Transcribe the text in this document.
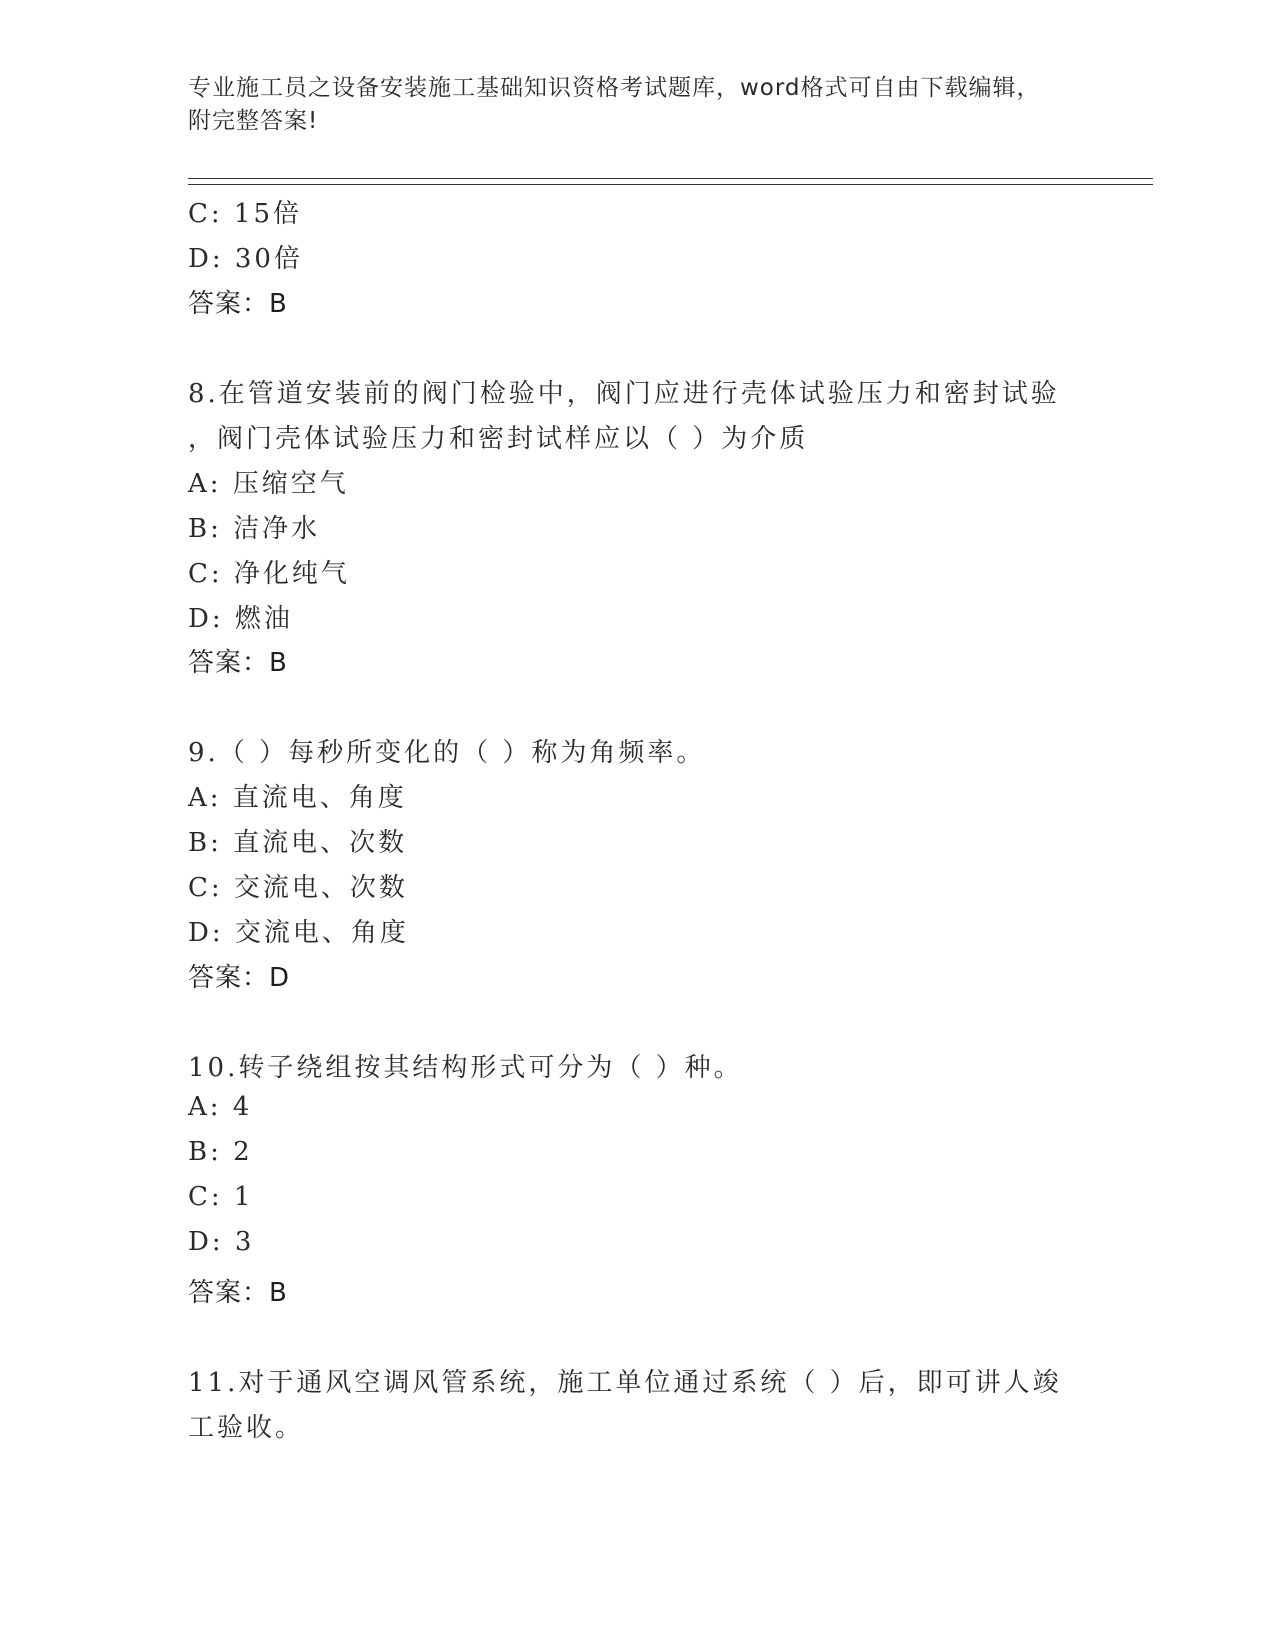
专业施工员之设备安装施工基础知识资格考试题库，word格式可自由下载编辑，
附完整答案!
C: 15倍
D: 30倍
答案：B
8.在管道安装前的阀门检验中，阀门应进行壳体试验压力和密封试验
，阀门壳体试验压力和密封试样应以（ ）为介质
A: 压缩空气
B: 洁净水
C: 净化纯气
D: 燃油
答案：B
9.（ ）每秒所变化的（ ）称为角频率。
A: 直流电、角度
B: 直流电、次数
C: 交流电、次数
D: 交流电、角度
答案：D
10.转子绕组按其结构形式可分为（ ）种。
A: 4
B: 2
C: 1
D: 3
答案：B
11.对于通风空调风管系统，施工单位通过系统（ ）后，即可讲人竣
工验收。
